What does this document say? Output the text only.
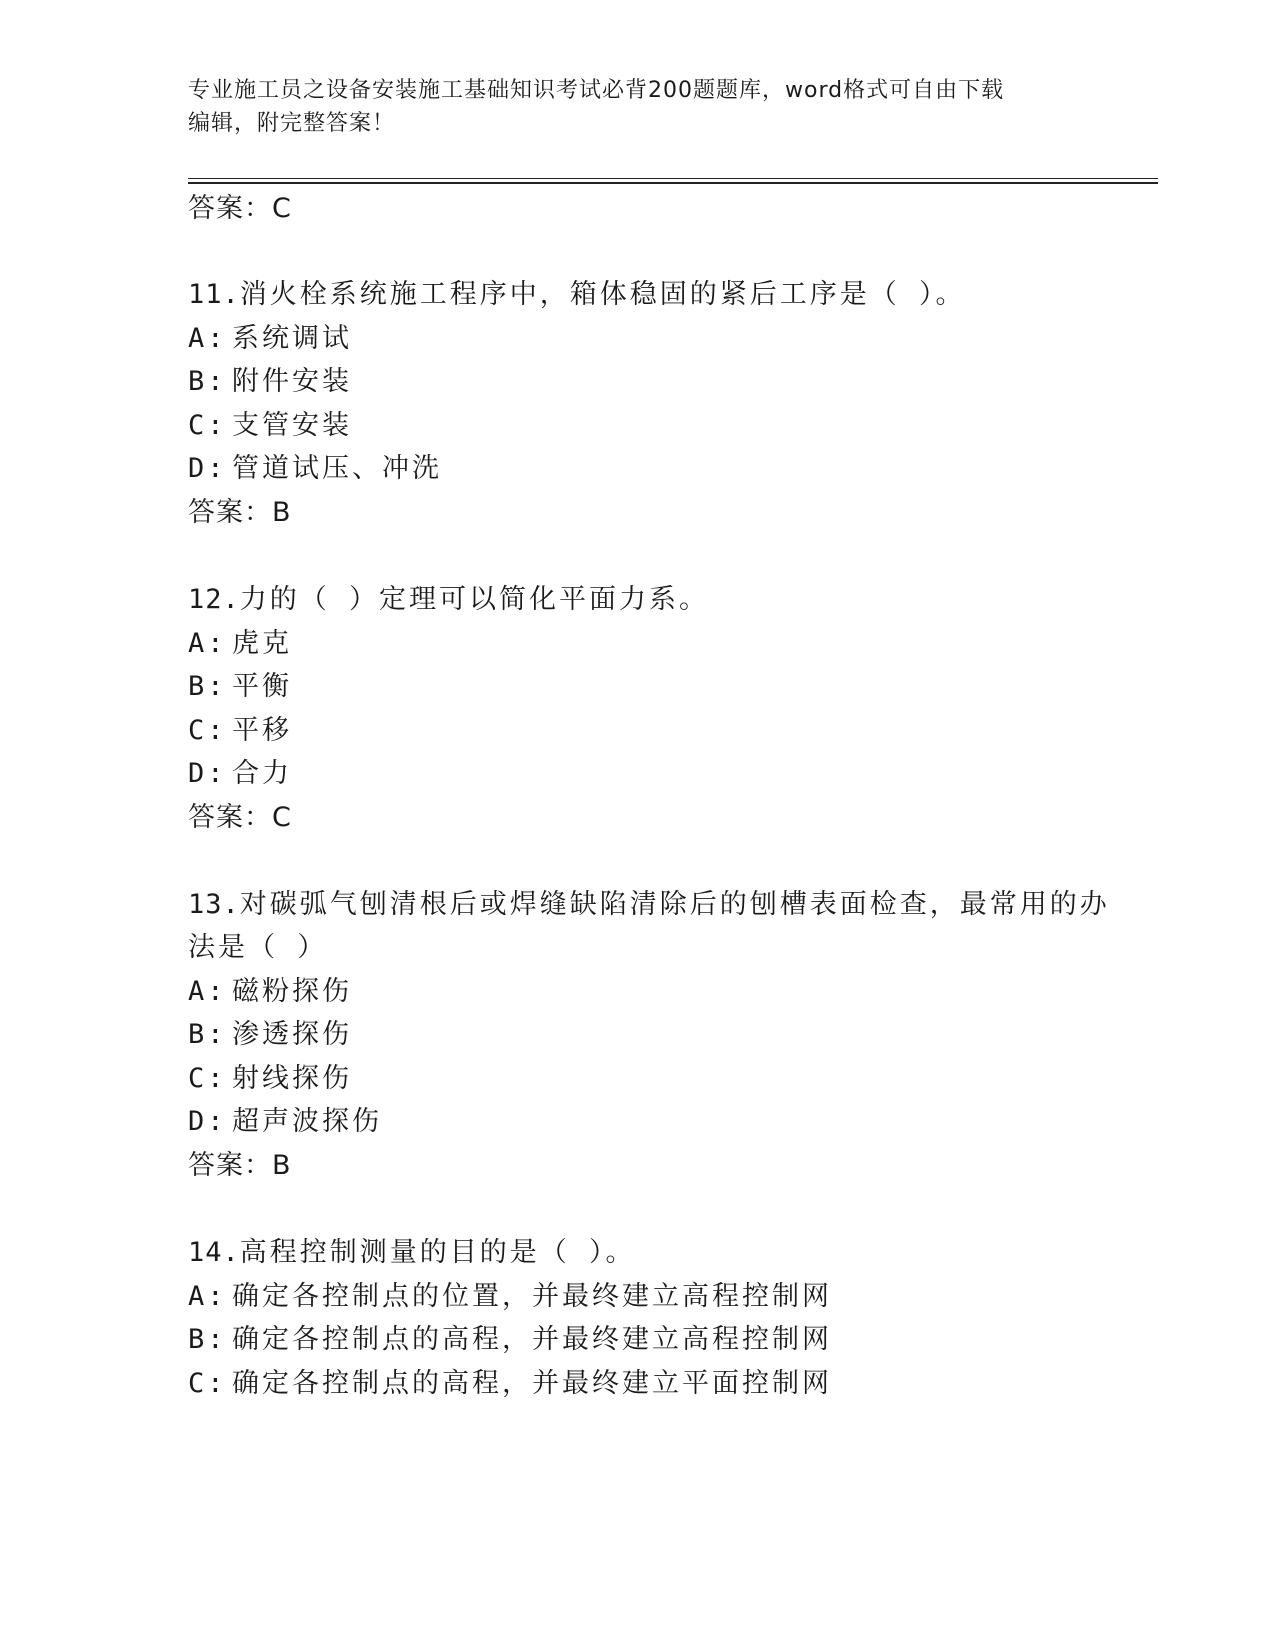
专业施工员之设备安装施工基础知识考试必背200题题库，word格式可自由下载
编辑，附完整答案！
答案：C
11.消火栓系统施工程序中，箱体稳固的紧后工序是（ ）。
A: 系统调试
B: 附件安装
C: 支管安装
D: 管道试压、冲洗
答案：B
12.力的（ ）定理可以简化平面力系。
A: 虎克
B: 平衡
C: 平移
D: 合力
答案：C
13.对碳弧气刨清根后或焊缝缺陷清除后的刨槽表面检查，最常用的办
法是（ ）
A: 磁粉探伤
B: 渗透探伤
C: 射线探伤
D: 超声波探伤
答案：B
14.高程控制测量的目的是（ ）。
A: 确定各控制点的位置，并最终建立高程控制网
B: 确定各控制点的高程，并最终建立高程控制网
C: 确定各控制点的高程，并最终建立平面控制网
